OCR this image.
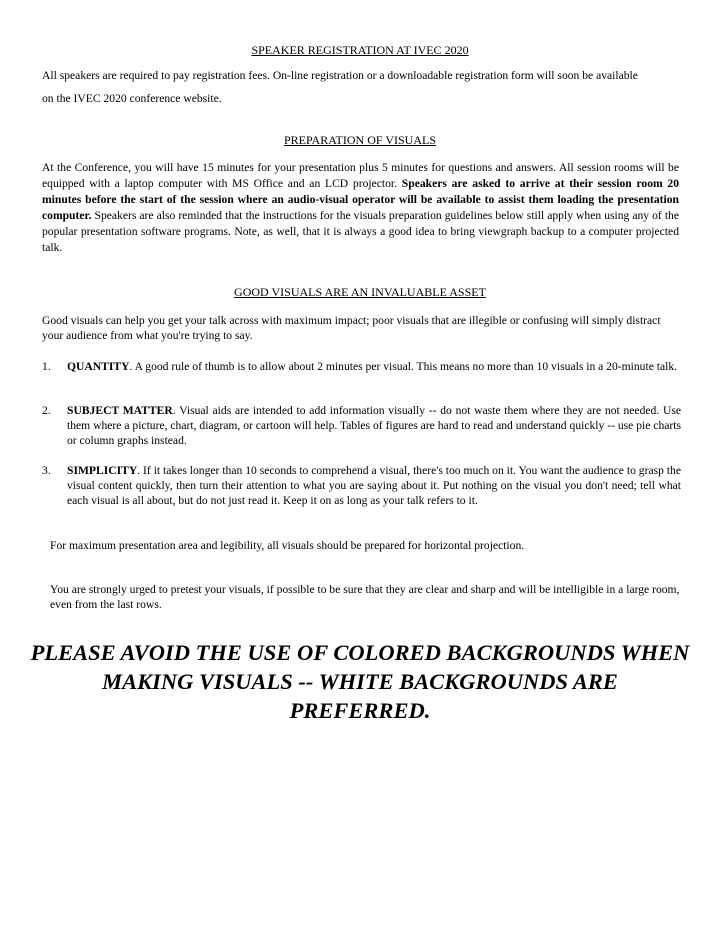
SPEAKER REGISTRATION AT IVEC 2020
All speakers are required to pay registration fees. On-line registration or a downloadable registration form will soon be available on the IVEC 2020 conference website.
PREPARATION OF VISUALS
At the Conference, you will have 15 minutes for your presentation plus 5 minutes for questions and answers. All session rooms will be equipped with a laptop computer with MS Office and an LCD projector. Speakers are asked to arrive at their session room 20 minutes before the start of the session where an audio-visual operator will be available to assist them loading the presentation computer. Speakers are also reminded that the instructions for the visuals preparation guidelines below still apply when using any of the popular presentation software programs. Note, as well, that it is always a good idea to bring viewgraph backup to a computer projected talk.
GOOD VISUALS ARE AN INVALUABLE ASSET
Good visuals can help you get your talk across with maximum impact; poor visuals that are illegible or confusing will simply distract your audience from what you're trying to say.
1.	QUANTITY. A good rule of thumb is to allow about 2 minutes per visual. This means no more than 10 visuals in a 20-minute talk.
2.	SUBJECT MATTER. Visual aids are intended to add information visually -- do not waste them where they are not needed. Use them where a picture, chart, diagram, or cartoon will help. Tables of figures are hard to read and understand quickly -- use pie charts or column graphs instead.
3.	SIMPLICITY. If it takes longer than 10 seconds to comprehend a visual, there's too much on it. You want the audience to grasp the visual content quickly, then turn their attention to what you are saying about it. Put nothing on the visual you don't need; tell what each visual is all about, but do not just read it. Keep it on as long as your talk refers to it.
For maximum presentation area and legibility, all visuals should be prepared for horizontal projection.
You are strongly urged to pretest your visuals, if possible to be sure that they are clear and sharp and will be intelligible in a large room, even from the last rows.
PLEASE AVOID THE USE OF COLORED BACKGROUNDS WHEN MAKING VISUALS -- WHITE BACKGROUNDS ARE PREFERRED.
